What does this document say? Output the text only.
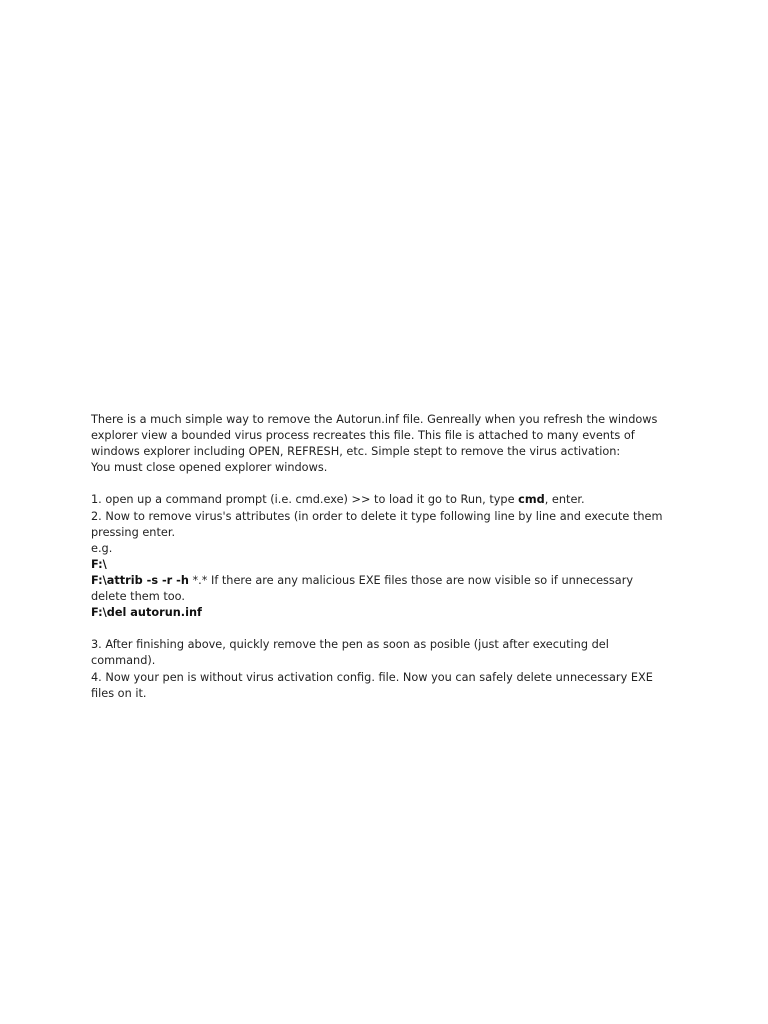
There is a much simple way to remove the Autorun.inf file. Genreally when you refresh the windows
explorer view a bounded virus process recreates this file. This file is attached to many events of
windows explorer including OPEN, REFRESH, etc. Simple stept to remove the virus activation:
You must close opened explorer windows.
1. open up a command prompt (i.e. cmd.exe) >> to load it go to Run, type cmd, enter.
2. Now to remove virus's attributes (in order to delete it type following line by line and execute them
pressing enter.
e.g.
F:\
F:\attrib -s -r -h *.* If there are any malicious EXE files those are now visible so if unnecessary
delete them too.
F:\del autorun.inf
3. After finishing above, quickly remove the pen as soon as posible (just after executing del
command).
4. Now your pen is without virus activation config. file. Now you can safely delete unnecessary EXE
files on it.
